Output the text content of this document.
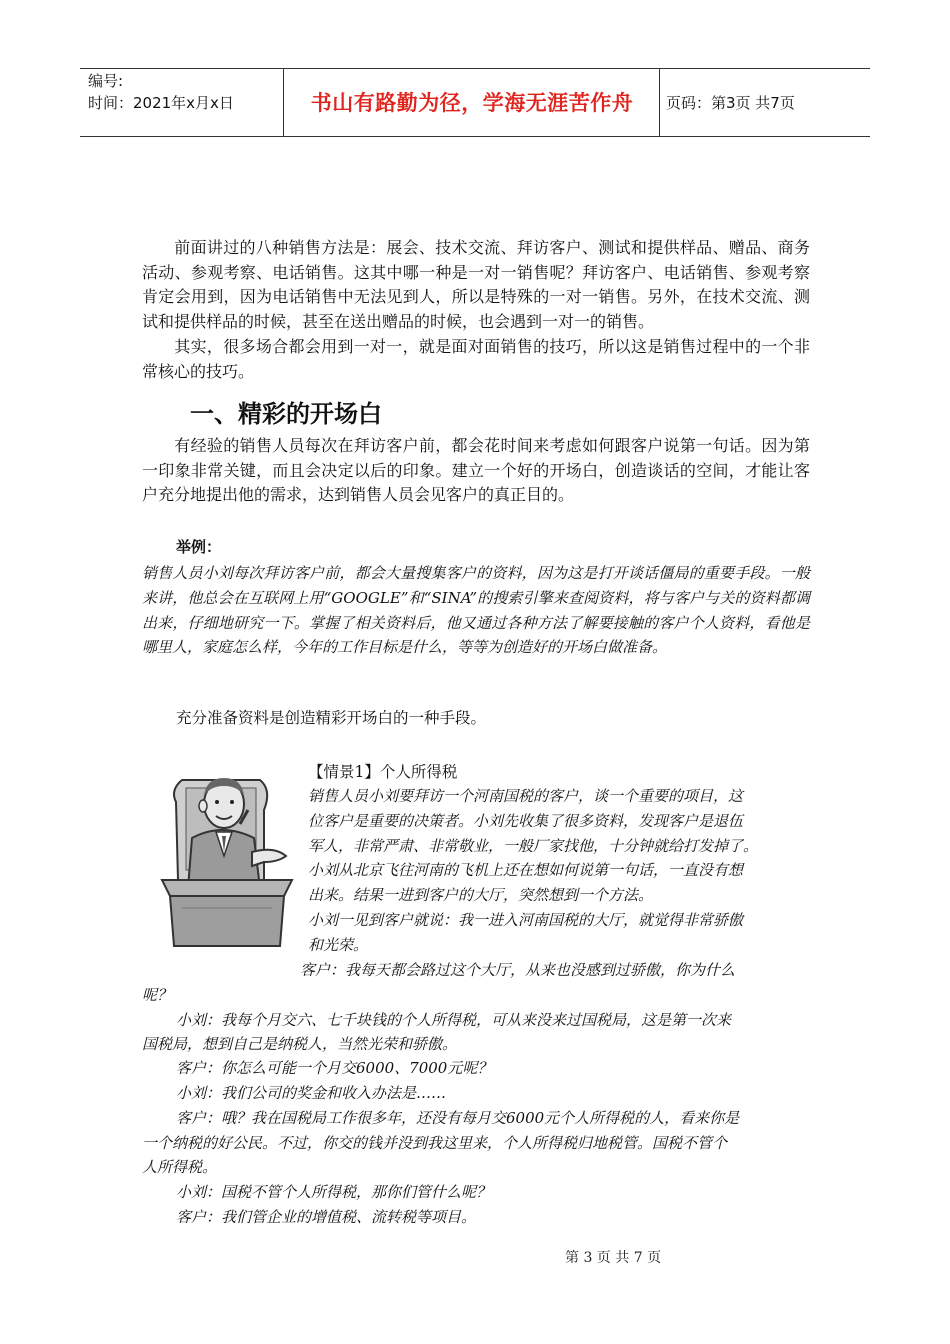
编号:
时间：2021年x月x日	书山有路勤为径，学海无涯苦作舟	页码：第3页 共7页

前面讲过的八种销售方法是：展会、技术交流、拜访客户、测试和提供样品、赠品、商务活动、参观考察、电话销售。这其中哪一种是一对一销售呢？拜访客户、电话销售、参观考察肯定会用到，因为电话销售中无法见到人，所以是特殊的一对一销售。另外，在技术交流、测试和提供样品的时候，甚至在送出赠品的时候，也会遇到一对一的销售。

其实，很多场合都会用到一对一，就是面对面销售的技巧，所以这是销售过程中的一个非常核心的技巧。

一、精彩的开场白

有经验的销售人员每次在拜访客户前，都会花时间来考虑如何跟客户说第一句话。因为第一印象非常关键，而且会决定以后的印象。建立一个好的开场白，创造谈话的空间，才能让客户充分地提出他的需求，达到销售人员会见客户的真正目的。

举例：

销售人员小刘每次拜访客户前，都会大量搜集客户的资料，因为这是打开谈话僵局的重要手段。一般来讲，他总会在互联网上用“GOOGLE”和“SINA”的搜索引擎来查阅资料，将与客户与关的资料都调出来，仔细地研究一下。掌握了相关资料后，他又通过各种方法了解要接触的客户个人资料，看他是哪里人，家庭怎么样，今年的工作目标是什么，等等为创造好的开场白做准备。

充分准备资料是创造精彩开场白的一种手段。

【情景1】个人所得税

销售人员小刘要拜访一个河南国税的客户，谈一个重要的项目，这

位客户是重要的决策者。小刘先收集了很多资料，发现客户是退伍

军人，非常严肃、非常敬业，一般厂家找他，十分钟就给打发掉了。

小刘从北京飞往河南的飞机上还在想如何说第一句话，一直没有想

出来。结果一进到客户的大厅，突然想到一个方法。

小刘一见到客户就说：我一进入河南国税的大厅，就觉得非常骄傲

和光荣。

客户：我每天都会路过这个大厅，从来也没感到过骄傲，你为什么

呢？

小刘：我每个月交六、七千块钱的个人所得税，可从来没来过国税局，这是第一次来

国税局，想到自己是纳税人，当然光荣和骄傲。

客户：你怎么可能一个月交6000、7000元呢？

小刘：我们公司的奖金和收入办法是……

客户：哦？我在国税局工作很多年，还没有每月交6000元个人所得税的人，看来你是

一个纳税的好公民。不过，你交的钱并没到我这里来，个人所得税归地税管。国税不管个

人所得税。

小刘：国税不管个人所得税，那你们管什么呢？

客户：我们管企业的增值税、流转税等项目。

第 3 页 共 7 页
